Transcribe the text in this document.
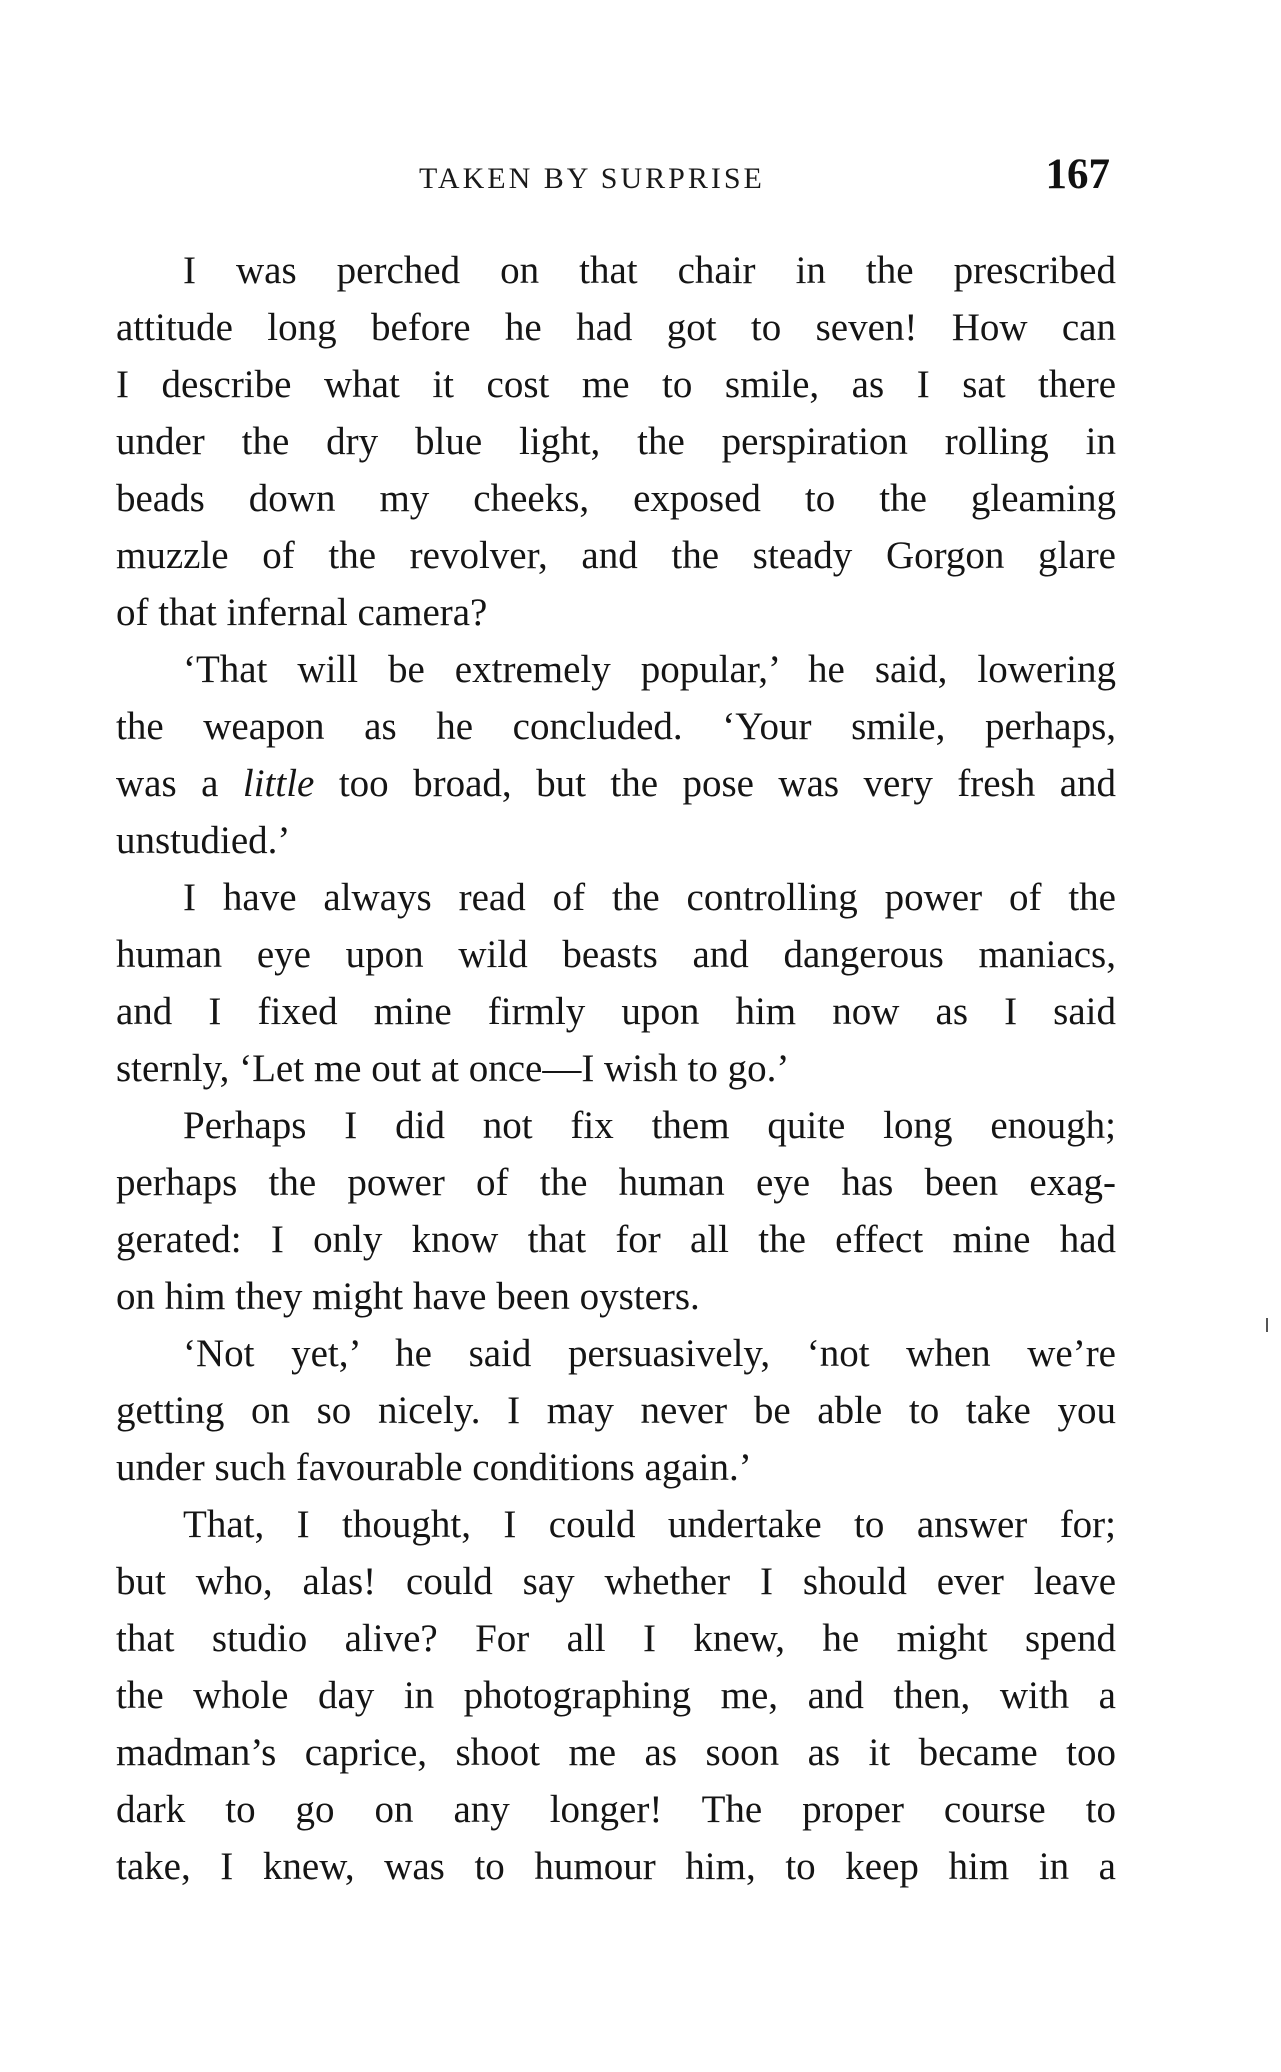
TAKEN BY SURPRISE	167
I was perched on that chair in the prescribed
attitude long before he had got to seven! How can
I describe what it cost me to smile, as I sat there
under the dry blue light, the perspiration rolling in
beads down my cheeks, exposed to the gleaming
muzzle of the revolver, and the steady Gorgon glare
of that infernal camera?
‘That will be extremely popular,’ he said, lowering
the weapon as he concluded. ‘Your smile, perhaps,
was a little too broad, but the pose was very fresh and
unstudied.’
I have always read of the controlling power of the
human eye upon wild beasts and dangerous maniacs,
and I fixed mine firmly upon him now as I said
sternly, ‘Let me out at once—I wish to go.’
Perhaps I did not fix them quite long enough;
perhaps the power of the human eye has been exag-
gerated: I only know that for all the effect mine had
on him they might have been oysters.
‘Not yet,’ he said persuasively, ‘not when we’re
getting on so nicely. I may never be able to take you
under such favourable conditions again.’
That, I thought, I could undertake to answer for;
but who, alas! could say whether I should ever leave
that studio alive? For all I knew, he might spend
the whole day in photographing me, and then, with a
madman’s caprice, shoot me as soon as it became too
dark to go on any longer! The proper course to
take, I knew, was to humour him, to keep him in a
